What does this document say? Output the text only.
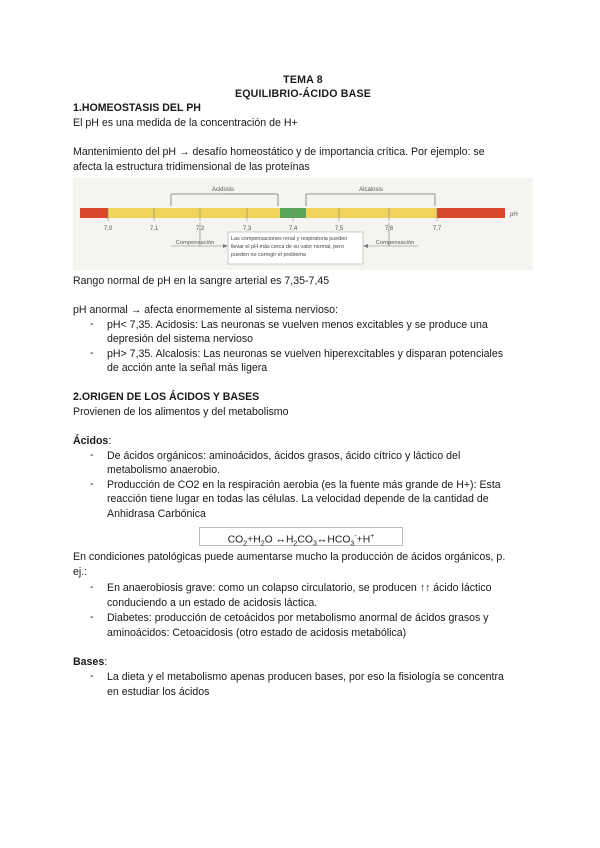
TEMA 8
EQUILIBRIO-ÁCIDO BASE
1.HOMEOSTASIS DEL PH
El pH es una medida de la concentración de H+
Mantenimiento del pH → desafío homeostático y de importancia crítica. Por ejemplo: se
afecta la estructura tridimensional de las proteínas
Acidosis	Alcalosis
pH
7,0	7,1	7,2	7,3	7,4	7,5	7,6	7,7
Compensación	Compensación
Las compensaciones renal y respiratoria pueden
llevar el pH más cerca de su valor normal, pero
pueden no corregir el problema
Rango normal de pH en la sangre arterial es 7,35-7,45
pH anormal → afecta enormemente al sistema nervioso:
- pH< 7,35. Acidosis: Las neuronas se vuelven menos excitables y se produce una
depresión del sistema nervioso
- pH> 7,35. Alcalosis: Las neuronas se vuelven hiperexcitables y disparan potenciales
de acción ante la señal más ligera
2.ORIGEN DE LOS ÁCIDOS Y BASES
Provienen de los alimentos y del metabolismo
Ácidos:
- De ácidos orgánicos: aminoácidos, ácidos grasos, ácido cítrico y láctico del
metabolismo anaerobio.
- Producción de CO2 en la respiración aerobia (es la fuente más grande de H+): Esta
reacción tiene lugar en todas las células. La velocidad depende de la cantidad de
Anhidrasa Carbónica
$CO_2+H_2O$ $\leftrightarrow H_2CO_3\leftrightarrow HCO_3^-+H^+$
En condiciones patológicas puede aumentarse mucho la producción de ácidos orgánicos, p.
ej.:
- En anaerobiosis grave: como un colapso circulatorio, se producen ↑↑ ácido láctico
conduciendo a un estado de acidosis láctica.
- Diabetes: producción de cetoácidos por metabolismo anormal de ácidos grasos y
aminoácidos: Cetoacidosis (otro estado de acidosis metabólica)
Bases:
- La dieta y el metabolismo apenas producen bases, por eso la fisiología se concentra
en estudiar los ácidos
